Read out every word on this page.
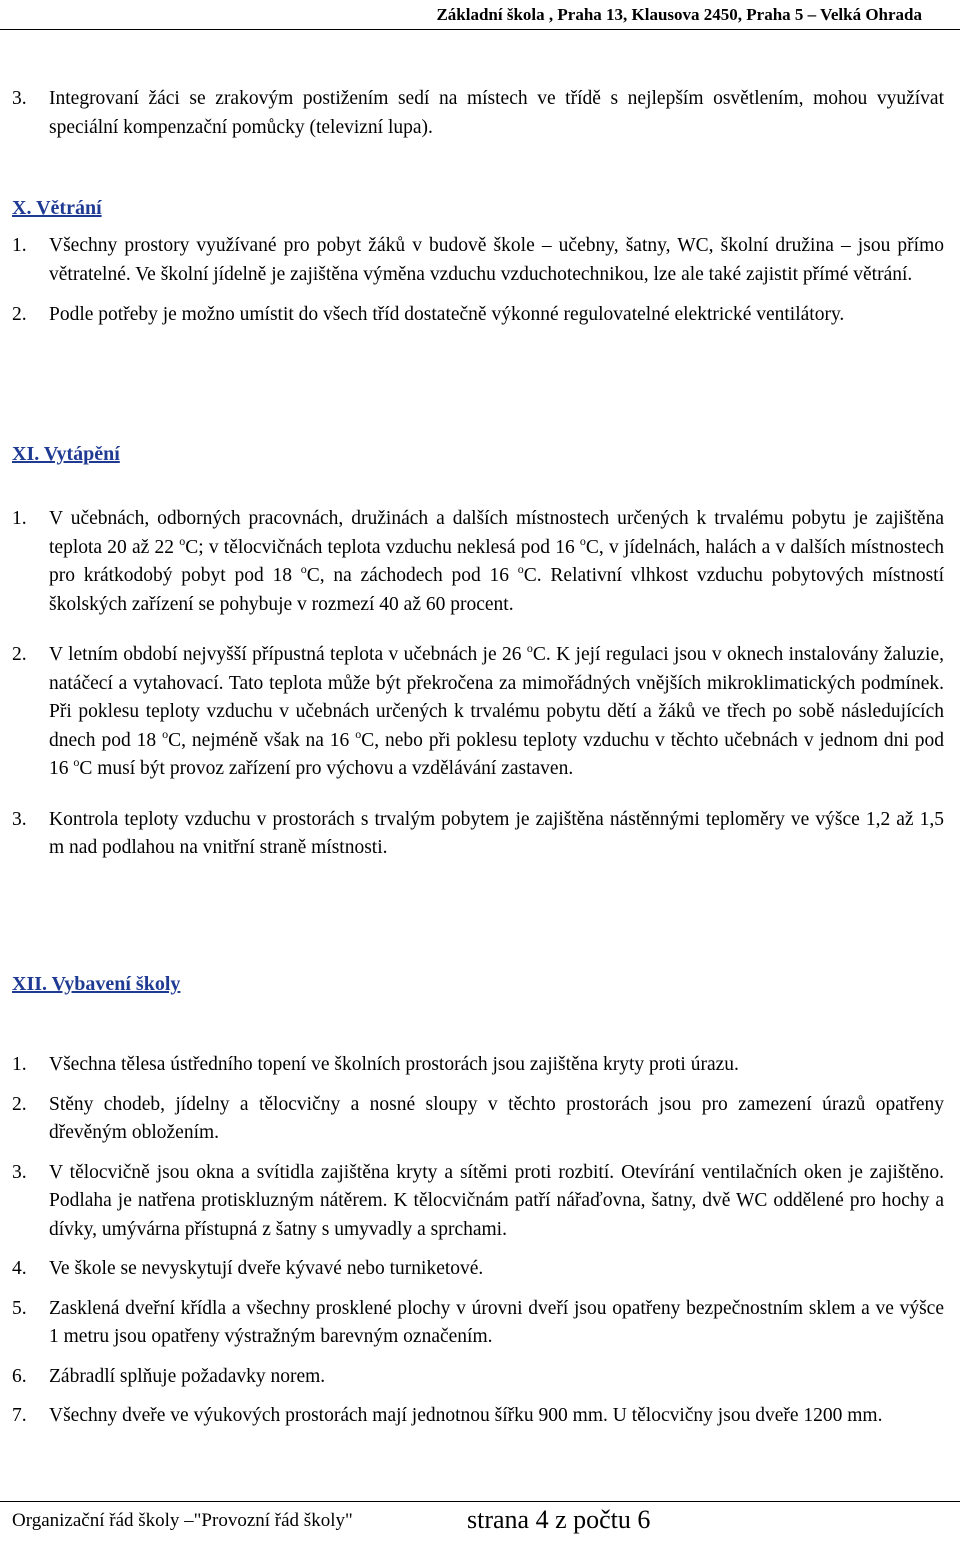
Základní škola , Praha 13, Klausova 2450, Praha 5 – Velká Ohrada
3.	Integrovaní žáci se zrakovým postižením sedí na místech ve třídě s nejlepším osvětlením, mohou využívat speciální kompenzační pomůcky (televizní lupa).
X. Větrání
1.	Všechny prostory využívané pro pobyt žáků v budově škole – učebny, šatny, WC, školní družina – jsou přímo větratelné. Ve školní jídelně je zajištěna výměna vzduchu vzduchotechnikou, lze ale také zajistit přímé větrání.
2.	Podle potřeby je možno umístit do všech tříd dostatečně výkonné regulovatelné elektrické ventilátory.
XI. Vytápění
1.	V učebnách, odborných pracovnách, družinách a dalších místnostech určených k trvalému pobytu je zajištěna teplota 20 až 22 $^o$C; v tělocvičnách teplota vzduchu neklesá pod 16 $^o$C, v jídelnách, halách a v dalších místnostech pro krátkodobý pobyt pod 18 $^o$C, na záchodech pod 16 $^o$C. Relativní vlhkost vzduchu pobytových místností školských zařízení se pohybuje v rozmezí 40 až 60 procent.
2.	V letním období nejvyšší přípustná teplota v učebnách je 26 $^o$C. K její regulaci jsou v oknech instalovány žaluzie, natáčecí a vytahovací. Tato teplota může být překročena za mimořádných vnějších mikroklimatických podmínek. Při poklesu teploty vzduchu v učebnách určených k trvalému pobytu dětí a žáků ve třech po sobě následujících dnech pod 18 $^o$C, nejméně však na 16 $^o$C, nebo při poklesu teploty vzduchu v těchto učebnách v jednom dni pod 16 $^o$C musí být provoz zařízení pro výchovu a vzdělávání zastaven.
3.	Kontrola teploty vzduchu v prostorách s trvalým pobytem je zajištěna nástěnnými teploměry ve výšce 1,2 až 1,5 m nad podlahou na vnitřní straně místnosti.
XII. Vybavení školy
1.	Všechna tělesa ústředního topení ve školních prostorách jsou zajištěna kryty proti úrazu.
2.	Stěny chodeb, jídelny a tělocvičny a nosné sloupy v těchto prostorách jsou pro zamezení úrazů opatřeny dřevěným obložením.
3.	V tělocvičně jsou okna a svítidla zajištěna kryty a sítěmi proti rozbití. Otevírání ventilačních oken je zajištěno. Podlaha je natřena protiskluzným nátěrem. K tělocvičnám patří nářaďovna, šatny, dvě WC oddělené pro hochy a dívky, umývárna přístupná z šatny s umyvadly a sprchami.
4.	Ve škole se nevyskytují dveře kývavé nebo turniketové.
5.	Zasklená dveřní křídla a všechny prosklené plochy v úrovni dveří jsou opatřeny bezpečnostním sklem a ve výšce 1 metru jsou opatřeny výstražným barevným označením.
6.	Zábradlí splňuje požadavky norem.
7.	Všechny dveře ve výukových prostorách mají jednotnou šířku 900 mm. U tělocvičny jsou dveře 1200 mm.
Organizační řád školy –"Provozní řád školy"	strana 4 z počtu 6
